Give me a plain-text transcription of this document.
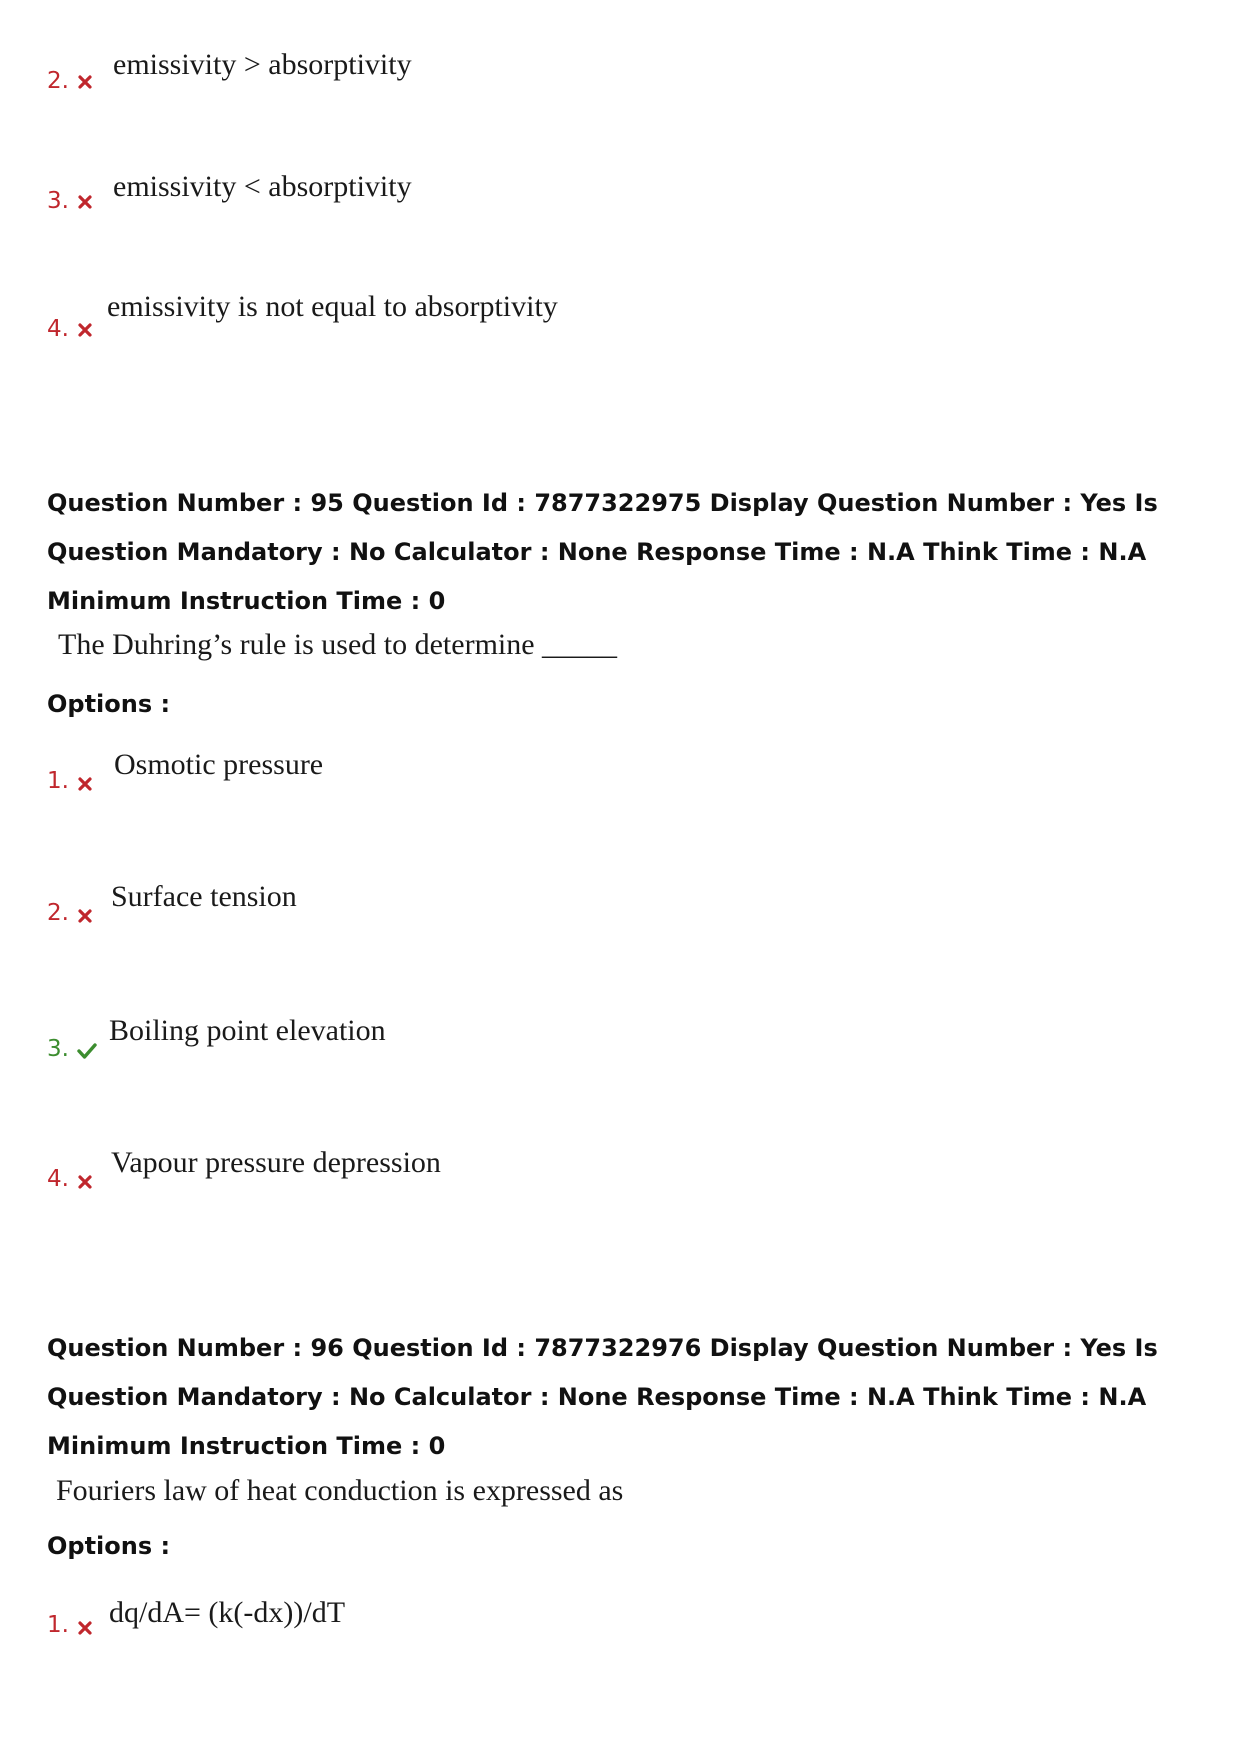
2. emissivity > absorptivity
3. emissivity < absorptivity
4.
emissivity is not equal to absorptivity
Question Number : 95 Question Id : 7877322975 Display Question Number : Yes Is Question Mandatory : No Calculator : None Response Time : N.A Think Time : N.A Minimum Instruction Time : 0
The Duhring’s rule is used to determine _____
Options :
1. Osmotic pressure
2. Surface tension
3.
Boiling point elevation
4. Vapour pressure depression
Question Number : 96 Question Id : 7877322976 Display Question Number : Yes Is Question Mandatory : No Calculator : None Response Time : N.A Think Time : N.A Minimum Instruction Time : 0
Fouriers law of heat conduction is expressed as
Options :
1. dq/dA= (k(-dx))/dT
